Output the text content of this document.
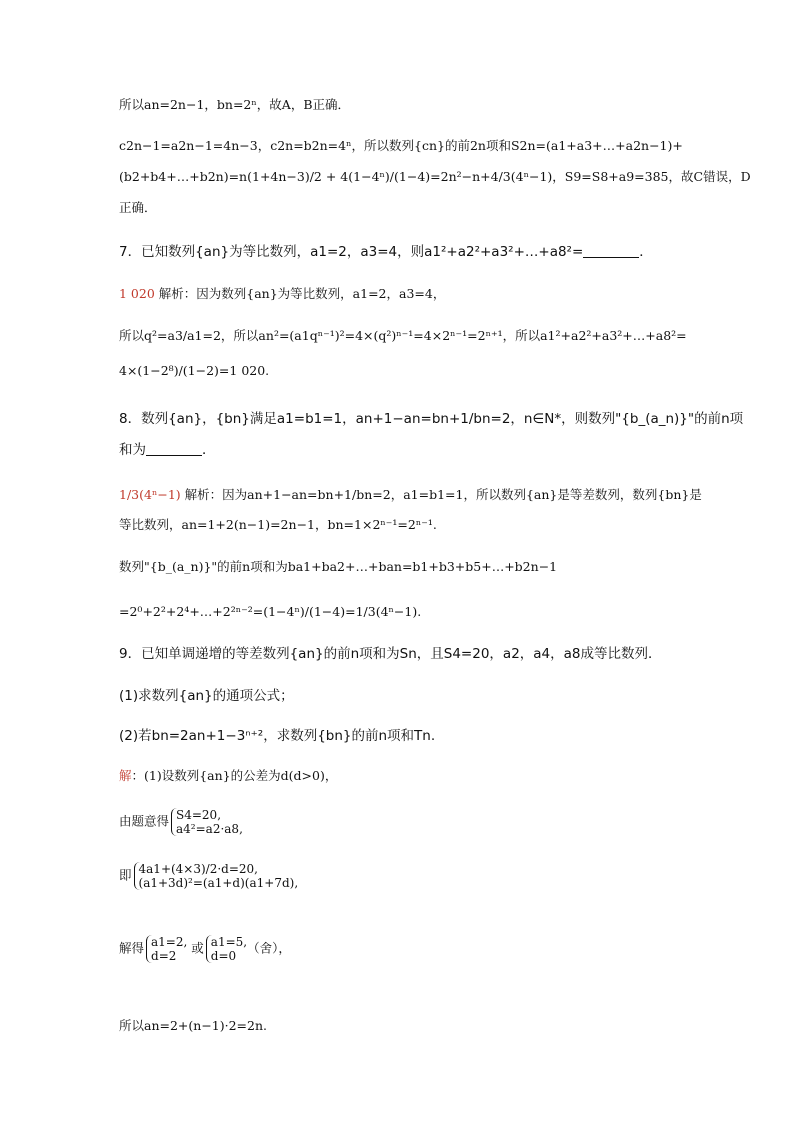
所以an=2n−1，bn=2ⁿ，故A，B正确．
c2n−1=a2n−1=4n−3，c2n=b2n=4ⁿ，所以数列{cn}的前2n项和S2n=(a1+a3+…+a2n−1)+
(b2+b4+…+b2n)=n(1+4n−3)/2 + 4(1−4ⁿ)/(1−4)=2n²−n+4/3(4ⁿ−1)，S9=S8+a9=385，故C错误，D
正确．
7．已知数列{an}为等比数列，a1=2，a3=4，则a1²+a2²+a3²+…+a8²=	．
1 020 解析：因为数列{an}为等比数列，a1=2，a3=4，
所以q²=a3/a1=2，所以an²=(a1qⁿ⁻¹)²=4×(q²)ⁿ⁻¹=4×2ⁿ⁻¹=2ⁿ⁺¹，所以a1²+a2²+a3²+…+a8²=
4×(1−2⁸)/(1−2)=1 020.
8．数列{an}，{bn}满足a1=b1=1，an+1−an=bn+1/bn=2，n∈N*，则数列"{b_(a_n)}"的前n项
和为	．
1/3(4ⁿ−1) 解析：因为an+1−an=bn+1/bn=2，a1=b1=1，所以数列{an}是等差数列，数列{bn}是
等比数列，an=1+2(n−1)=2n−1，bn=1×2ⁿ⁻¹=2ⁿ⁻¹.
数列"{b_(a_n)}"的前n项和为ba1+ba2+…+ban=b1+b3+b5+…+b2n−1
=2⁰+2²+2⁴+…+2²ⁿ⁻²=(1−4ⁿ)/(1−4)=1/3(4ⁿ−1).
9．已知单调递增的等差数列{an}的前n项和为Sn，且S4=20，a2，a4，a8成等比数列．
(1)求数列{an}的通项公式；
(2)若bn=2an+1−3ⁿ⁺²，求数列{bn}的前n项和Tn.
解：(1)设数列{an}的公差为d(d>0)，
由题意得 S4=20,
a4²=a2·a8,
即 4a1+(4×3)/2·d=20,
(a1+3d)²=(a1+d)(a1+7d),
解得 a1=2,
d=2
或 a1=5,
d=0
（舍），
所以an=2+(n−1)·2=2n.
